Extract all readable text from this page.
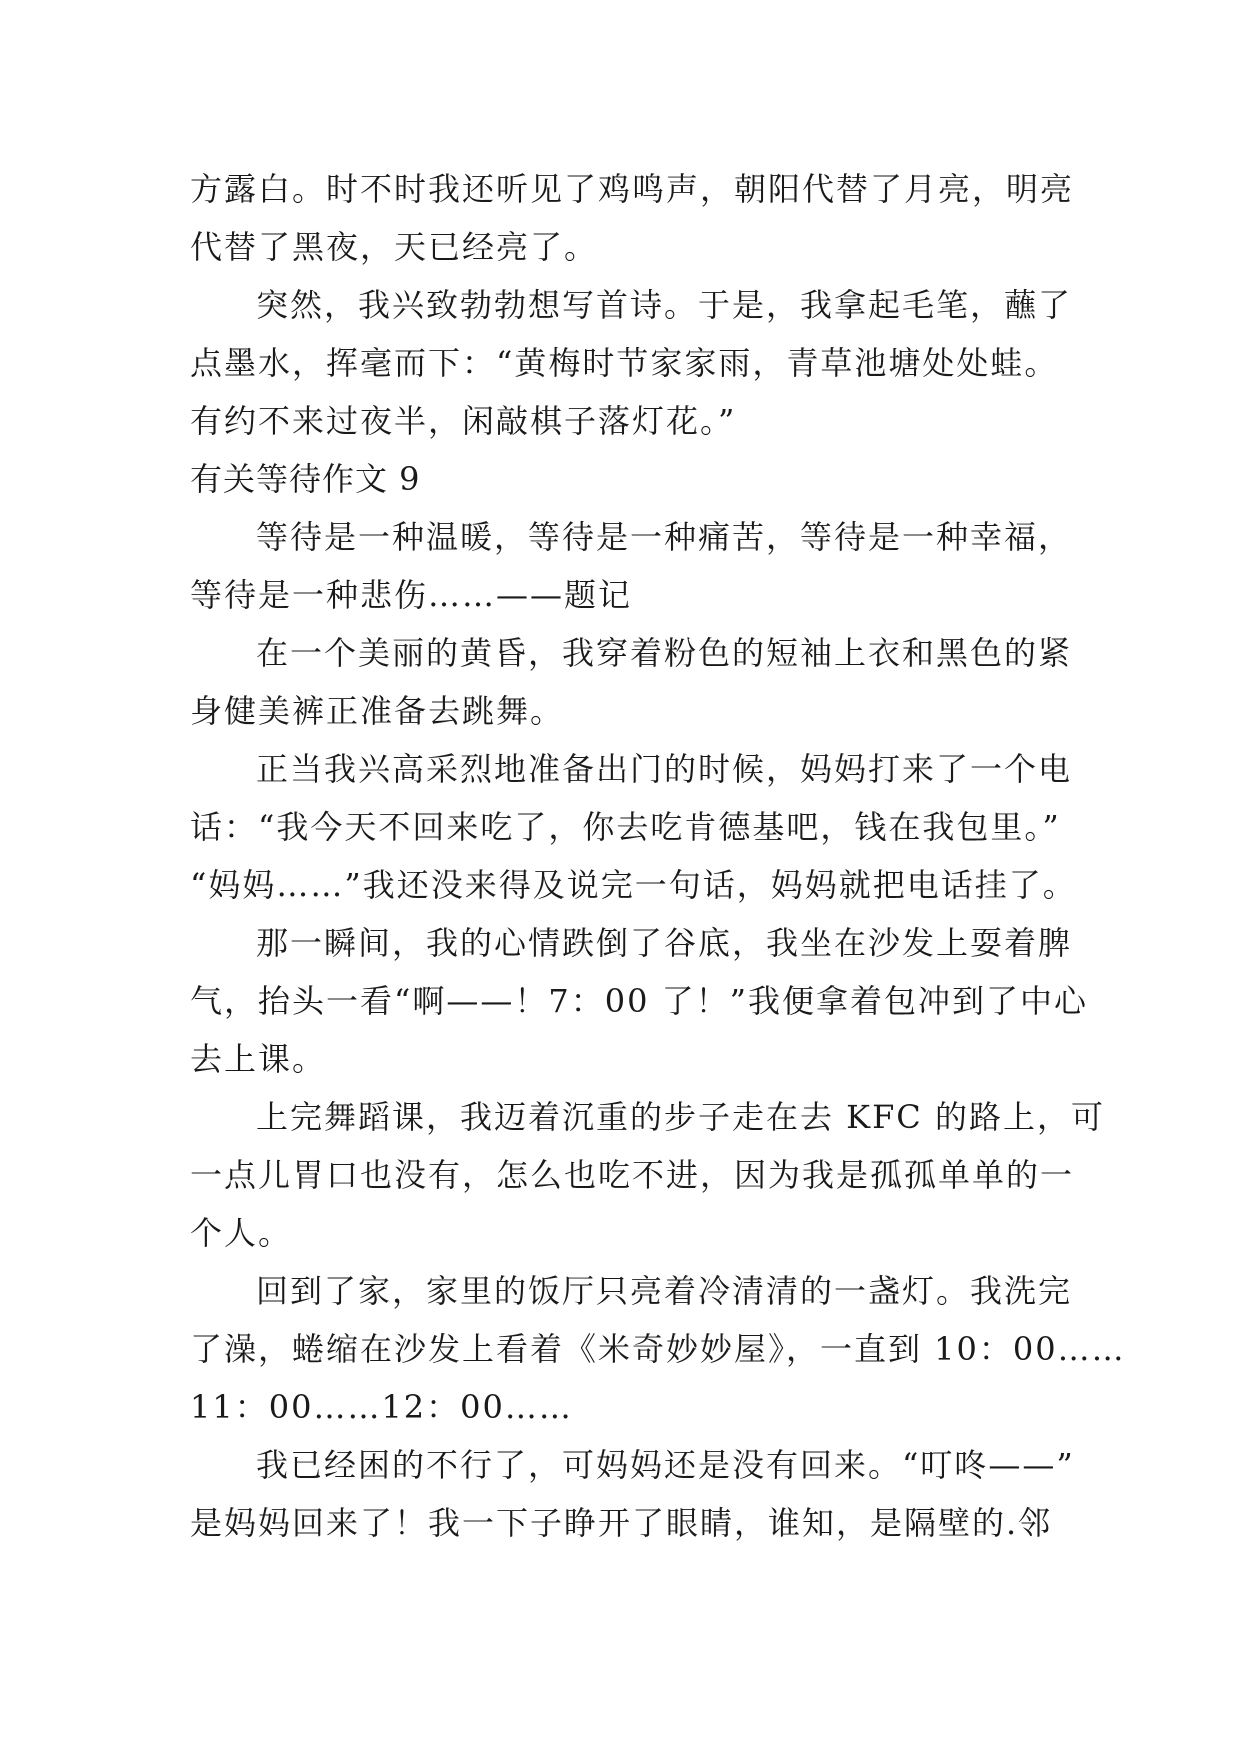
方露白。时不时我还听见了鸡鸣声，朝阳代替了月亮，明亮
代替了黑夜，天已经亮了。
突然，我兴致勃勃想写首诗。于是，我拿起毛笔，蘸了
点墨水，挥毫而下：“黄梅时节家家雨，青草池塘处处蛙。
有约不来过夜半，闲敲棋子落灯花。”
有关等待作文 9
等待是一种温暖，等待是一种痛苦，等待是一种幸福，
等待是一种悲伤……——题记
在一个美丽的黄昏，我穿着粉色的短袖上衣和黑色的紧
身健美裤正准备去跳舞。
正当我兴高采烈地准备出门的时候，妈妈打来了一个电
话：“我今天不回来吃了，你去吃肯德基吧，钱在我包里。”
“妈妈……”我还没来得及说完一句话，妈妈就把电话挂了。
那一瞬间，我的心情跌倒了谷底，我坐在沙发上耍着脾
气，抬头一看“啊——！7：00 了！”我便拿着包冲到了中心
去上课。
上完舞蹈课，我迈着沉重的步子走在去 KFC 的路上，可
一点儿胃口也没有，怎么也吃不进，因为我是孤孤单单的一
个人。
回到了家，家里的饭厅只亮着冷清清的一盏灯。我洗完
了澡，蜷缩在沙发上看着《米奇妙妙屋》，一直到 10：00……
11：00……12：00……
我已经困的不行了，可妈妈还是没有回来。“叮咚——”
是妈妈回来了！我一下子睁开了眼睛，谁知，是隔壁的.邻
